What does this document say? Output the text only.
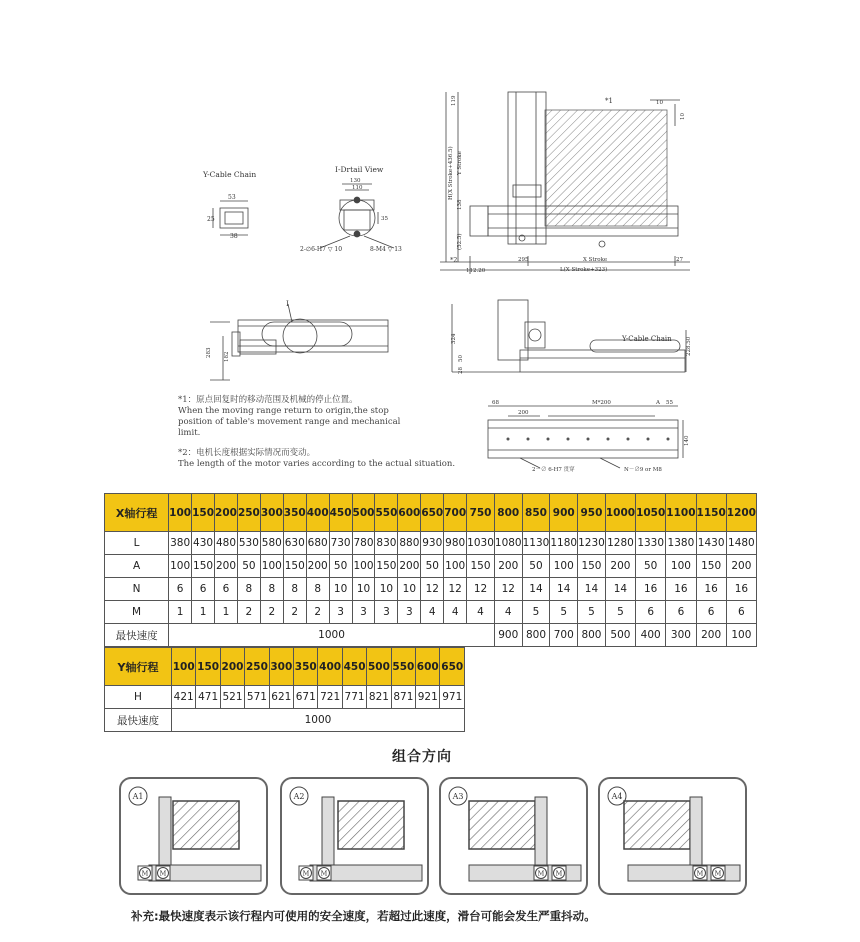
Y-Cable Chain
53
25
38
I-Drtail View
130
110
35
2-∅6-H7 ▽ 10	8-M4 ▽ 13
119	*1	10
10
H(X Stroke+436.5) Y Stroke
138
(52.5)
*2
112.20
295	X Stroke	27
L(X Stroke+323)
I
283 182
324
50
28
Y-Cable Chain	228.50
68
200
M*200	A 55
140
2－∅ 6-H7 贯穿	N－∅9 or M8
*1：原点回复时的移动范围及机械的停止位置。
When the moving range return to origin,the stop
position of table's movement range and mechanical
limit.
*2：电机长度根据实际情况而变动。
The length of the motor varies according to the actual situation.
X轴行程	100	150	200	250	300	350	400	450	500	550	600	650	700	750	800	850	900	950	1000	1050	1100	1150	1200
L	380	430	480	530	580	630	680	730	780	830	880	930	980	1030	1080	1130	1180	1230	1280	1330	1380	1430	1480
A	100	150	200	50	100	150	200	50	100	150	200	50	100	150	200	50	100	150	200	50	100	150	200
N	6	6	6	8	8	8	8	10	10	10	10	12	12	12	12	14	14	14	14	16	16	16	16
M	1	1	1	2	2	2	2	3	3	3	3	4	4	4	4	5	5	5	5	6	6	6	6
最快速度	1000														900	800	700	800	500	400	300	200	100
Y轴行程	100	150	200	250	300	350	400	450	500	550	600	650
H	421	471	521	571	621	671	721	771	821	871	921	971
最快速度	1000											
组合方向
A1
M M
A2
M M
A3
M M
A4
M M
补充:最快速度表示该行程内可使用的安全速度，若超过此速度，滑台可能会发生严重抖动。
